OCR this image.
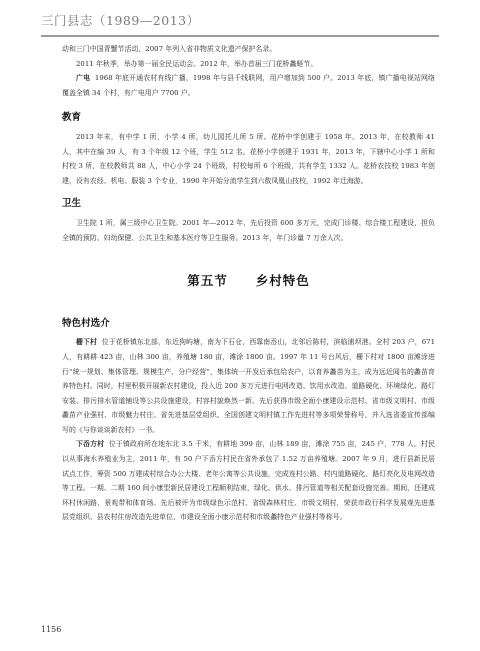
三门县志（1989—2013）

动和三门中国青蟹节活动，2007 年列入省非物质文化遗产保护名录。

2011 年秋季，举办第一届全民运动会。2012 年，举办首届三门花桥蠡蛏节。

广电 1968 年底开通农村有线广播，1998 年与县千线联网，用户增加到 500 户。2013 年底，镇广播电视站网络覆盖全镇 34 个村，有广电用户 7700 户。

教育

2013 年末，有中学 1 所，小学 4 所，幼儿园托儿所 5 所。花桥中学创建于 1958 年。2013 年，在校教师 41 人，其中在编 39 人，有 3 个年级 12 个班，学生 512 名。花桥小学创建于 1931 年，2013 年，下辖中心小学 1 所和村校 3 所，在校教师共 88 人，中心小学 24 个班级，村校每所 6 个班级，共有学生 1332 人。花桥农技校 1983 年创建，设有农经、机电、服装 3 个专业，1990 年开始分流学生到六敖凤凰山技校，1992 年迁海游。

卫生

卫生院 1 所，属三级中心卫生院。2001 年—2012 年，先后投资 600 多万元，完成门诊楼、综合楼工程建设，担负全镇的预防、妇幼保健、公共卫生和基本医疗等卫生服务。2013 年，年门诊量 7 万余人次。

第五节 乡村特色
特色村选介

栅下村 位于花桥镇东北部，东近狗屿塘，南为下石仓，西靠南岙山，北邻后陈村，滨临浦坝港。全村 203 户，671 人，有耕耕 423 亩，山林 300 亩，养殖塘 180 亩，滩涂 1800 亩。1997 年 11 号台风后，栅下村对 1800 亩滩涂进行“统一规划、集体管理、规模生产、分户经营”，集体统一开发后承包给农户，以育养蠡苗为主，成为远近闻名的蠡苗育养特色村。同时，村里积极开展新农村建设，投入近 200 多万元进行电网改造、饮用水改造、道路硬化、环境绿化、路灯安装、排污排水管道铺设等公共设施建设，村容村貌焕然一新。先后获得市级全面小康建设示范村、省市级文明村、市级蠡苗产业强村、市级魅力村庄、省先进基层党组织、全国创建文明村镇工作先进村等多项荣誉称号，并入选省委宣传部编写的《与你谈谈新农村》一书。

下岙方村 位于镇政府所在地东北 3.5 千米，有耕地 399 亩，山林 189 亩，滩涂 755 亩，245 户，778 人。村民以从事海水养殖业为主，2011 年，有 50 户下岙方村民在省外承包了 1.52 万亩养殖塘。2007 年 9 月，进行县新民居试点工作，筹资 500 万建成村综合办公大楼、老年公寓等公共设施，完成连村公路、村内道路硬化、路灯亮化及电网改造等工程。一期、二期 160 间小康型新民居建设工程顺利结束，绿化、供水、排污管道等相关配套设施完善。期间，还建成环村休闲路、景观带和体育场。先后被评为市级绿色示范村、省级森林村庄、市级文明村，荣获市政行科学发展观先进基层党组织、县农村住房改造先进单位、市建设全面小康示范村和市级蠡特色产业强村等称号。

1156
